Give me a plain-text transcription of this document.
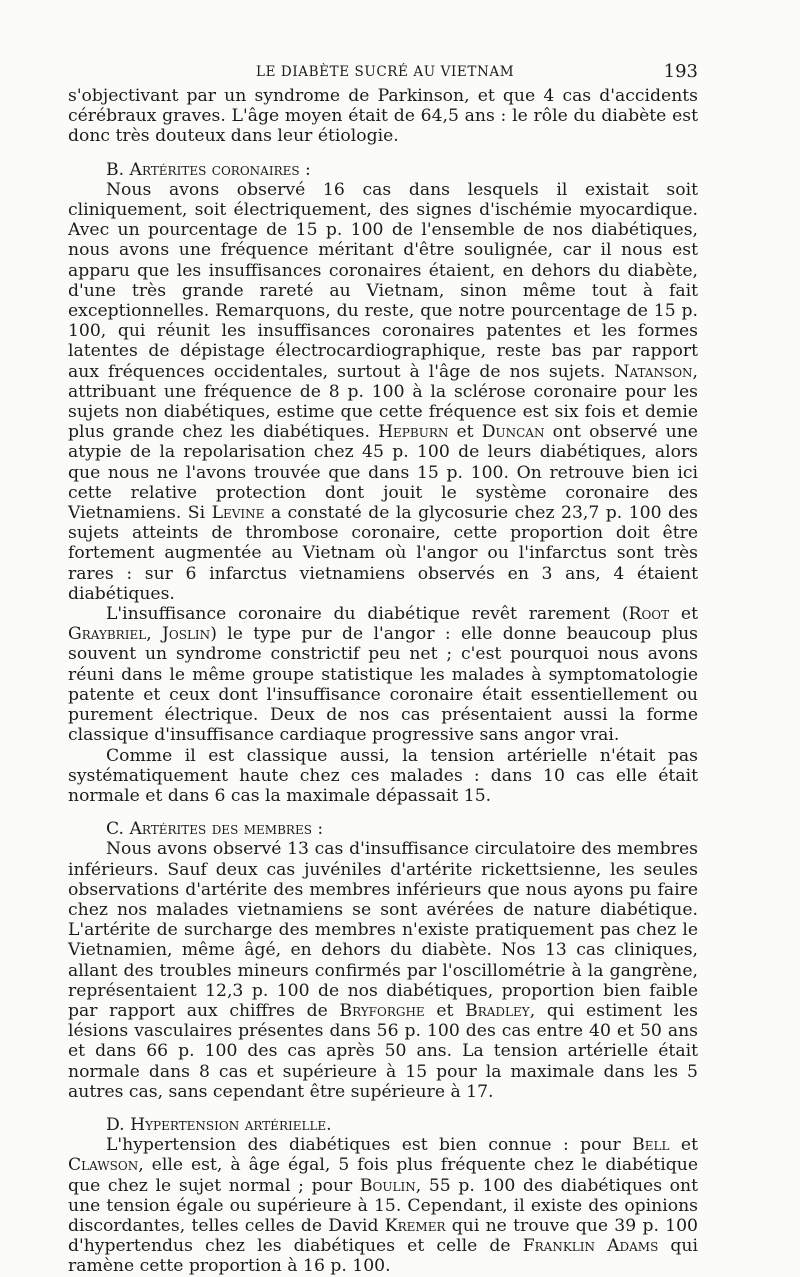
LE DIABÈTE SUCRÉ AU VIETNAM	193

s'objectivant par un syndrome de Parkinson, et que 4 cas d'accidents cérébraux graves. L'âge moyen était de 64,5 ans : le rôle du diabète est donc très douteux dans leur étiologie.

B. Artérites coronaires :

Nous avons observé 16 cas dans lesquels il existait soit cliniquement, soit électriquement, des signes d'ischémie myocardique. Avec un pourcentage de 15 p. 100 de l'ensemble de nos diabétiques, nous avons une fréquence méritant d'être soulignée, car il nous est apparu que les insuffisances coronaires étaient, en dehors du diabète, d'une très grande rareté au Vietnam, sinon même tout à fait exceptionnelles. Remarquons, du reste, que notre pourcentage de 15 p. 100, qui réunit les insuffisances coronaires patentes et les formes latentes de dépistage électrocardiographique, reste bas par rapport aux fréquences occidentales, surtout à l'âge de nos sujets. Natanson, attribuant une fréquence de 8 p. 100 à la sclérose coronaire pour les sujets non diabétiques, estime que cette fréquence est six fois et demie plus grande chez les diabétiques. Hepburn et Duncan ont observé une atypie de la repolarisation chez 45 p. 100 de leurs diabétiques, alors que nous ne l'avons trouvée que dans 15 p. 100. On retrouve bien ici cette relative protection dont jouit le système coronaire des Vietnamiens. Si Levine a constaté de la glycosurie chez 23,7 p. 100 des sujets atteints de thrombose coronaire, cette proportion doit être fortement augmentée au Vietnam où l'angor ou l'infarctus sont très rares : sur 6 infarctus vietnamiens observés en 3 ans, 4 étaient diabétiques.

L'insuffisance coronaire du diabétique revêt rarement (Root et Graybriel, Joslin) le type pur de l'angor : elle donne beaucoup plus souvent un syndrome constrictif peu net ; c'est pourquoi nous avons réuni dans le même groupe statistique les malades à symptomatologie patente et ceux dont l'insuffisance coronaire était essentiellement ou purement électrique. Deux de nos cas présentaient aussi la forme classique d'insuffisance cardiaque progressive sans angor vrai.

Comme il est classique aussi, la tension artérielle n'était pas systématiquement haute chez ces malades : dans 10 cas elle était normale et dans 6 cas la maximale dépassait 15.

C. Artérites des membres :

Nous avons observé 13 cas d'insuffisance circulatoire des membres inférieurs. Sauf deux cas juvéniles d'artérite rickettsienne, les seules observations d'artérite des membres inférieurs que nous ayons pu faire chez nos malades vietnamiens se sont avérées de nature diabétique. L'artérite de surcharge des membres n'existe pratiquement pas chez le Vietnamien, même âgé, en dehors du diabète. Nos 13 cas cliniques, allant des troubles mineurs confirmés par l'oscillométrie à la gangrène, représentaient 12,3 p. 100 de nos diabétiques, proportion bien faible par rapport aux chiffres de Bryforghe et Bradley, qui estiment les lésions vasculaires présentes dans 56 p. 100 des cas entre 40 et 50 ans et dans 66 p. 100 des cas après 50 ans. La tension artérielle était normale dans 8 cas et supérieure à 15 pour la maximale dans les 5 autres cas, sans cependant être supérieure à 17.

D. Hypertension artérielle.

L'hypertension des diabétiques est bien connue : pour Bell et Clawson, elle est, à âge égal, 5 fois plus fréquente chez le diabétique que chez le sujet normal ; pour Boulin, 55 p. 100 des diabétiques ont une tension égale ou supérieure à 15. Cependant, il existe des opinions discordantes, telles celles de David Kremer qui ne trouve que 39 p. 100 d'hypertendus chez les diabétiques et celle de Franklin Adams qui ramène cette proportion à 16 p. 100.
